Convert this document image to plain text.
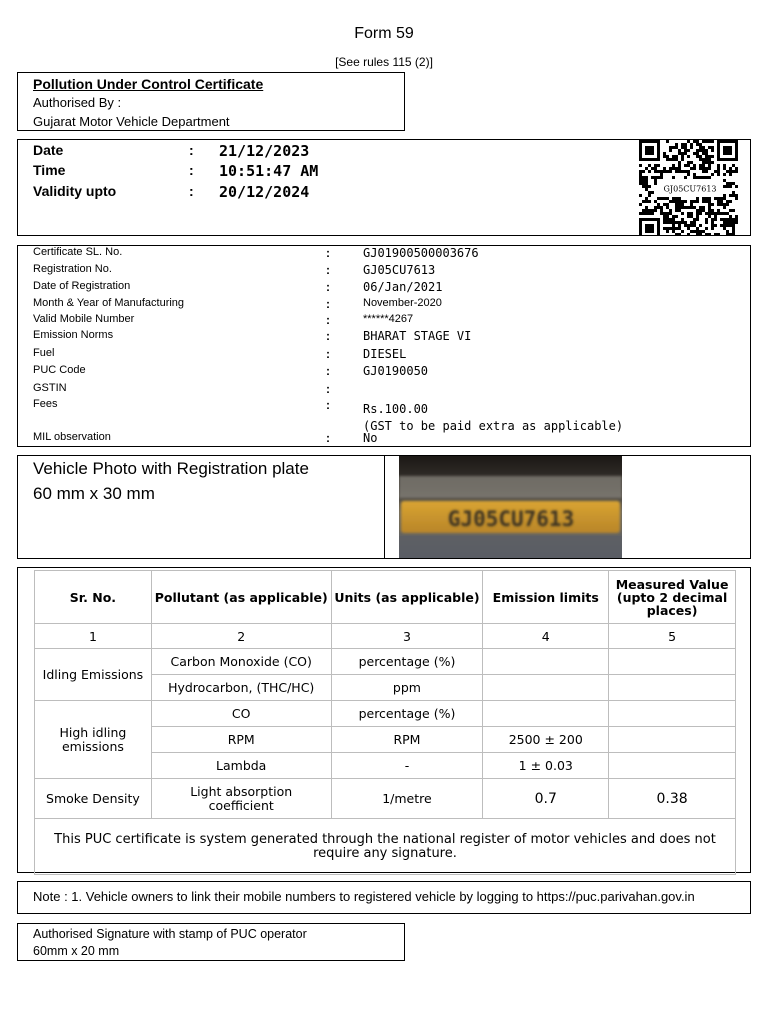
Form 59
[See rules 115 (2)]
Pollution Under Control Certificate
Authorised By :
Gujarat Motor Vehicle Department
Date	: 21/12/2023
Time	: 10:51:47 AM
Validity upto	: 20/12/2024	GJ05CU7613
Certificate SL. No.	:	GJ01900500003676
Registration No.	:	GJ05CU7613
Date of Registration	:	06/Jan/2021
Month & Year of Manufacturing	:	November-2020
Valid Mobile Number	:	******4267
Emission Norms	:	BHARAT STAGE VI
Fuel	:	DIESEL
PUC Code	:	GJ0190050
GSTIN	:
Fees	:	Rs.100.00
(GST to be paid extra as applicable)
MIL observation	:	No
Vehicle Photo with Registration plate
60 mm x 30 mm
GJ05CU7613
Sr. No.	Pollutant (as applicable)	Units (as applicable)	Emission limits	Measured Value (upto 2 decimal places)
1	2	3	4	5
Idling Emissions	Carbon Monoxide (CO)	percentage (%)		
	Hydrocarbon, (THC/HC)	ppm		
High idling emissions	CO	percentage (%)		
	RPM	RPM	2500 ± 200	
	Lambda	-	1 ± 0.03	
Smoke Density	Light absorption coefficient	1/metre	0.7	0.38
This PUC certificate is system generated through the national register of motor vehicles and does not require any signature.				
Note : 1. Vehicle owners to link their mobile numbers to registered vehicle by logging to https://puc.parivahan.gov.in
Authorised Signature with stamp of PUC operator
60mm x 20 mm
